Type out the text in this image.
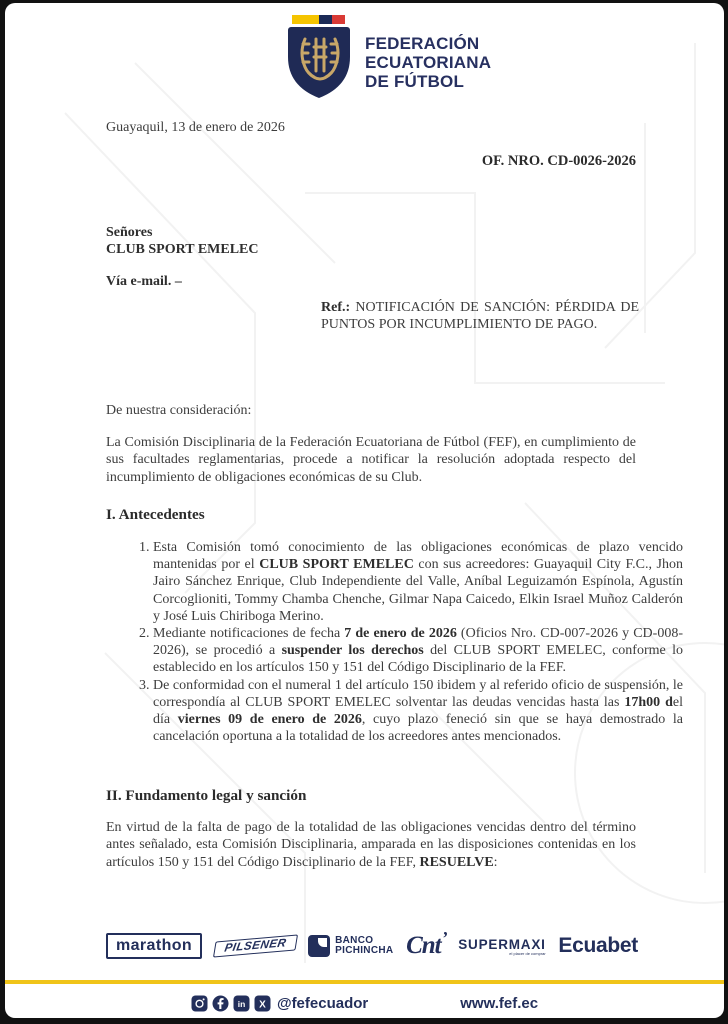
FEDERACIÓN
ECUATORIANA
DE FÚTBOL
Guayaquil, 13 de enero de 2026
OF. NRO. CD-0026-2026
Señores
CLUB SPORT EMELEC
Vía e-mail. –
Ref.: NOTIFICACIÓN DE SANCIÓN: PÉRDIDA DE PUNTOS POR INCUMPLIMIENTO DE PAGO.
De nuestra consideración:
La Comisión Disciplinaria de la Federación Ecuatoriana de Fútbol (FEF), en cumplimiento de sus facultades reglamentarias, procede a notificar la resolución adoptada respecto del incumplimiento de obligaciones económicas de su Club.
I. Antecedentes
1. Esta Comisión tomó conocimiento de las obligaciones económicas de plazo vencido mantenidas por el CLUB SPORT EMELEC con sus acreedores: Guayaquil City F.C., Jhon Jairo Sánchez Enrique, Club Independiente del Valle, Aníbal Leguizamón Espínola, Agustín Corcoglioniti, Tommy Chamba Chenche, Gilmar Napa Caicedo, Elkin Israel Muñoz Calderón y José Luis Chiriboga Merino.
2. Mediante notificaciones de fecha 7 de enero de 2026 (Oficios Nro. CD-007-2026 y CD-008-2026), se procedió a suspender los derechos del CLUB SPORT EMELEC, conforme lo establecido en los artículos 150 y 151 del Código Disciplinario de la FEF.
3. De conformidad con el numeral 1 del artículo 150 ibidem y al referido oficio de suspensión, le correspondía al CLUB SPORT EMELEC solventar las deudas vencidas hasta las 17h00 del día viernes 09 de enero de 2026, cuyo plazo feneció sin que se haya demostrado la cancelación oportuna a la totalidad de los acreedores antes mencionados.
II. Fundamento legal y sanción
En virtud de la falta de pago de la totalidad de las obligaciones vencidas dentro del término antes señalado, esta Comisión Disciplinaria, amparada en las disposiciones contenidas en los artículos 150 y 151 del Código Disciplinario de la FEF, RESUELVE:
marathon	PILSENER	BANCO
PICHINCHA Cnt ’ SUPERMAXI
el placer de comprar Ecuabet
in X @fefecuador	www.fef.ec
